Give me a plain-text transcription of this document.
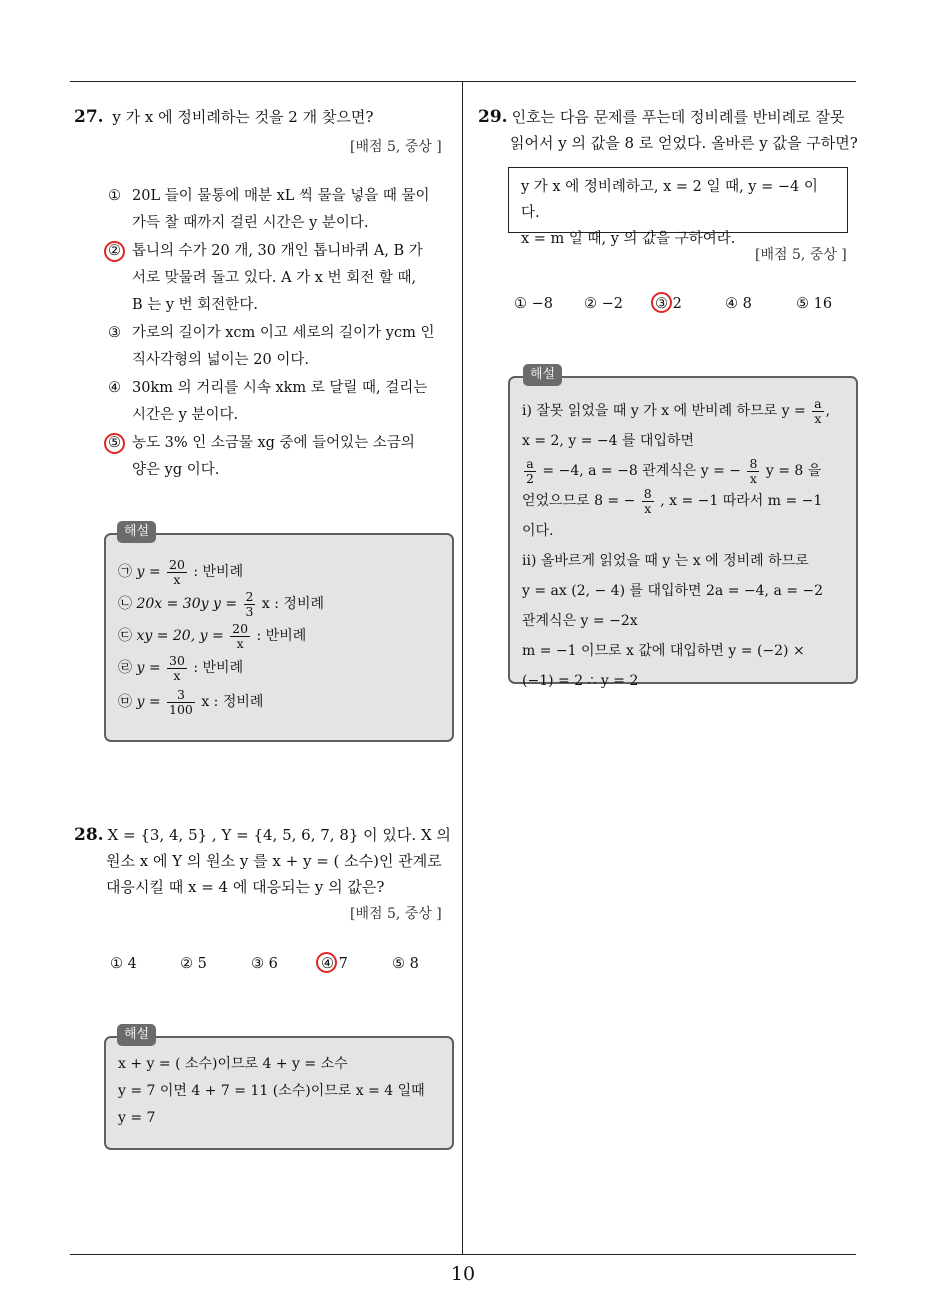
27. y 가 x 에 정비례하는 것을 2 개 찾으면?
[배점 5, 중상 ]
① 20L 들이 물통에 매분 xL 씩 물을 넣을 때 물이
가득 찰 때까지 걸린 시간은 y 분이다.
② 톱니의 수가 20 개, 30 개인 톱니바퀴 A, B 가
서로 맞물려 돌고 있다. A 가 x 번 회전 할 때,
B 는 y 번 회전한다.
③ 가로의 길이가 xcm 이고 세로의 길이가 ycm 인
직사각형의 넓이는 20 이다.
④ 30km 의 거리를 시속 xkm 로 달릴 때, 걸리는
시간은 y 분이다.
⑤ 농도 3% 인 소금물 xg 중에 들어있는 소금의
양은 yg 이다.
해설
㉠ $y = \frac{20}{x}$ : 반비례
㉡ 20x = 30y $y = \frac{2}{3}$ x : 정비례
㉢ xy = 20, $y = \frac{20}{x}$ : 반비례
㉣ $y = \frac{30}{x}$ : 반비례
㉤ $y = \frac{3}{100}$ x : 정비례
28. X = {3, 4, 5} , Y = {4, 5, 6, 7, 8} 이 있다. X 의
원소 x 에 Y 의 원소 y 를 x + y = ( 소수)인 관계로
대응시킬 때 x = 4 에 대응되는 y 의 값은?
[배점 5, 중상 ]
① 4	② 5	③ 6	④ 7	⑤ 8
해설
x + y = ( 소수)이므로 4 + y = 소수
y = 7 이면 4 + 7 = 11 (소수)이므로 x = 4 일때
y = 7
29. 인호는 다음 문제를 푸는데 정비례를 반비례로 잘못
읽어서 y 의 값을 8 로 얻었다. 올바른 y 값을 구하면?
y 가 x 에 정비례하고, x = 2 일 때, y = −4 이다.
x = m 일 때, y 의 값을 구하여라.
[배점 5, 중상 ]
① −8 ② −2 ③ 2	④ 8	⑤ 16
해설
ⅰ) 잘못 읽었을 때 y 가 x 에 반비례 하므로 $y = \frac{a}{x}$ ,
x = 2, y = −4 를 대입하면
$\frac{a}{2} = -4$, a = −8 관계식은 y = − $\frac{8}{x}$ y = 8 을
얻었으므로 8 = − $\frac{8}{x}$ , x = −1 따라서 m = −1
이다.
ⅱ) 올바르게 읽었을 때 y 는 x 에 정비례 하므로
y = ax (2, − 4) 를 대입하면 2a = −4, a = −2
관계식은 y = −2x
m = −1 이므로 x 값에 대입하면 y = (−2) ×
(−1) = 2 ∴ y = 2
10
